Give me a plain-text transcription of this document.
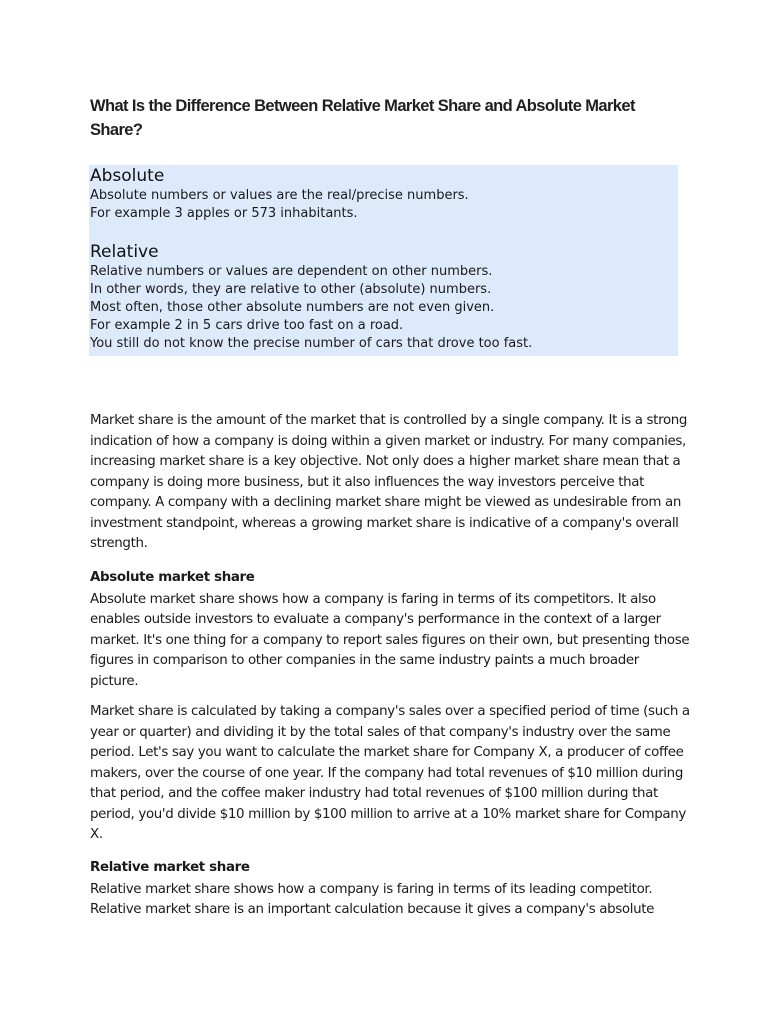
What Is the Difference Between Relative Market Share and Absolute Market Share?
Absolute
Absolute numbers or values are the real/precise numbers.
For example 3 apples or 573 inhabitants.
Relative
Relative numbers or values are dependent on other numbers.
In other words, they are relative to other (absolute) numbers.
Most often, those other absolute numbers are not even given.
For example 2 in 5 cars drive too fast on a road.
You still do not know the precise number of cars that drove too fast.

Market share is the amount of the market that is controlled by a single company. It is a strong indication of how a company is doing within a given market or industry. For many companies, increasing market share is a key objective. Not only does a higher market share mean that a company is doing more business, but it also influences the way investors perceive that company. A company with a declining market share might be viewed as undesirable from an investment standpoint, whereas a growing market share is indicative of a company's overall strength.

Absolute market share

Absolute market share shows how a company is faring in terms of its competitors. It also enables outside investors to evaluate a company's performance in the context of a larger market. It's one thing for a company to report sales figures on their own, but presenting those figures in comparison to other companies in the same industry paints a much broader picture.

Market share is calculated by taking a company's sales over a specified period of time (such a year or quarter) and dividing it by the total sales of that company's industry over the same period. Let's say you want to calculate the market share for Company X, a producer of coffee makers, over the course of one year. If the company had total revenues of $10 million during that period, and the coffee maker industry had total revenues of $100 million during that period, you'd divide $10 million by $100 million to arrive at a 10% market share for Company X.

Relative market share

Relative market share shows how a company is faring in terms of its leading competitor. Relative market share is an important calculation because it gives a company's absolute
